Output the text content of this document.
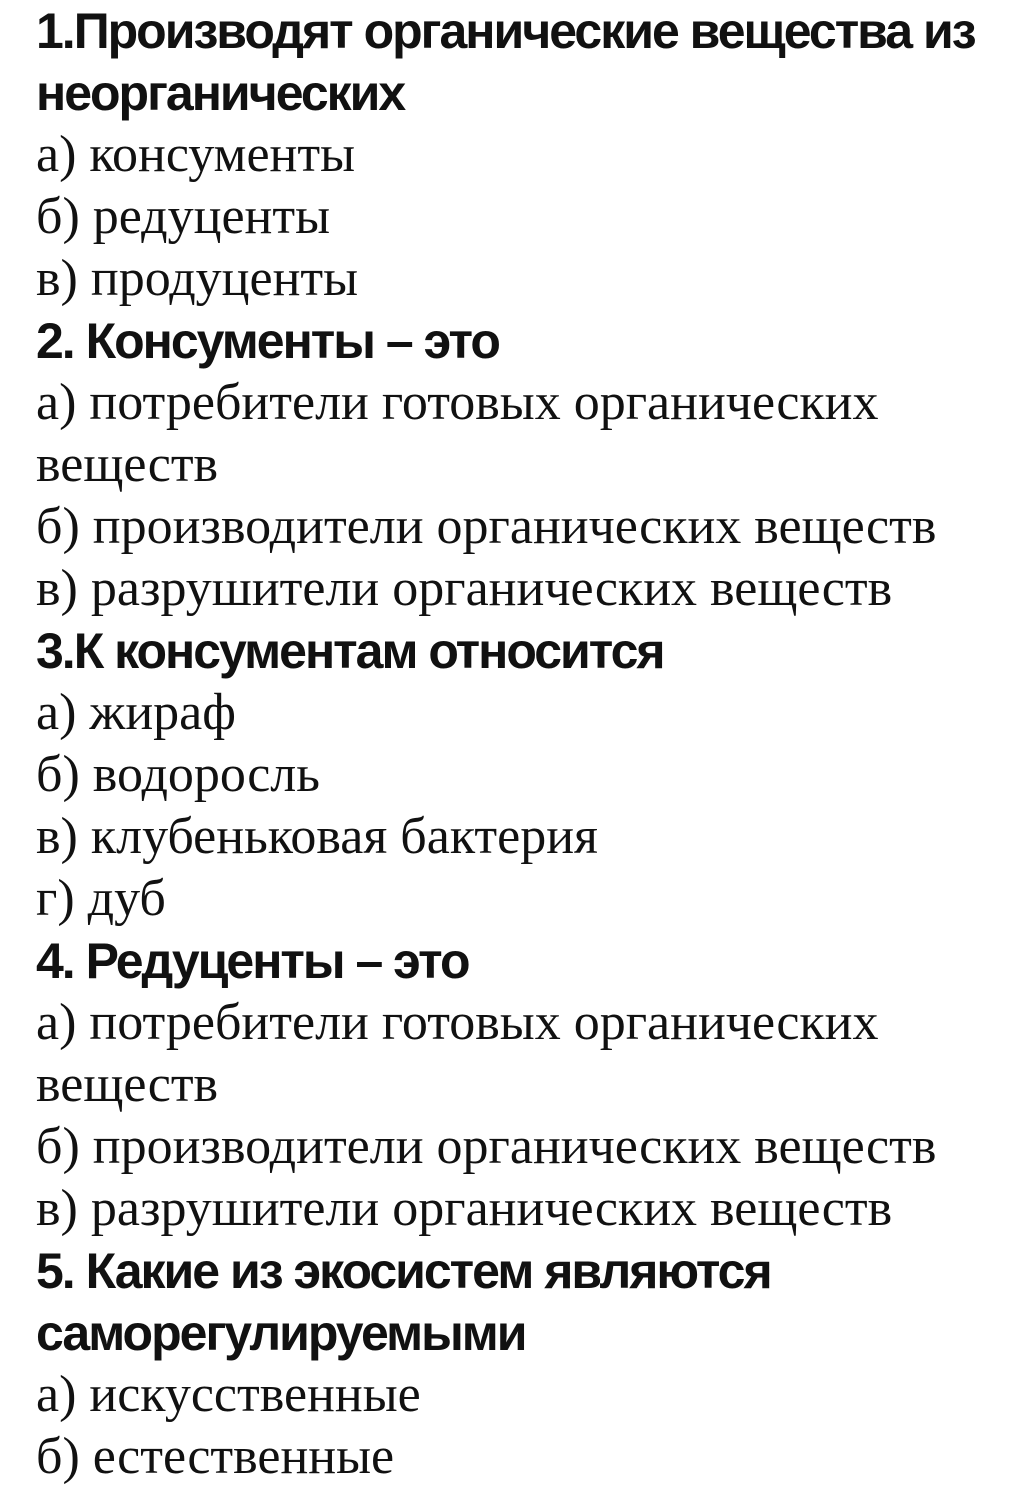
1.Производят органические вещества из неорганических

а) консументы

б) редуценты

в) продуценты

2. Консументы – это

а) потребители готовых органических веществ

б) производители органических веществ

в) разрушители органических веществ

3.К консументам относится

а) жираф

б) водоросль

в) клубеньковая бактерия

г) дуб

4. Редуценты – это

а) потребители готовых органических веществ

б) производители органических веществ

в) разрушители органических веществ

5. Какие из экосистем являются саморегулируемыми

а) искусственные

б) естественные
